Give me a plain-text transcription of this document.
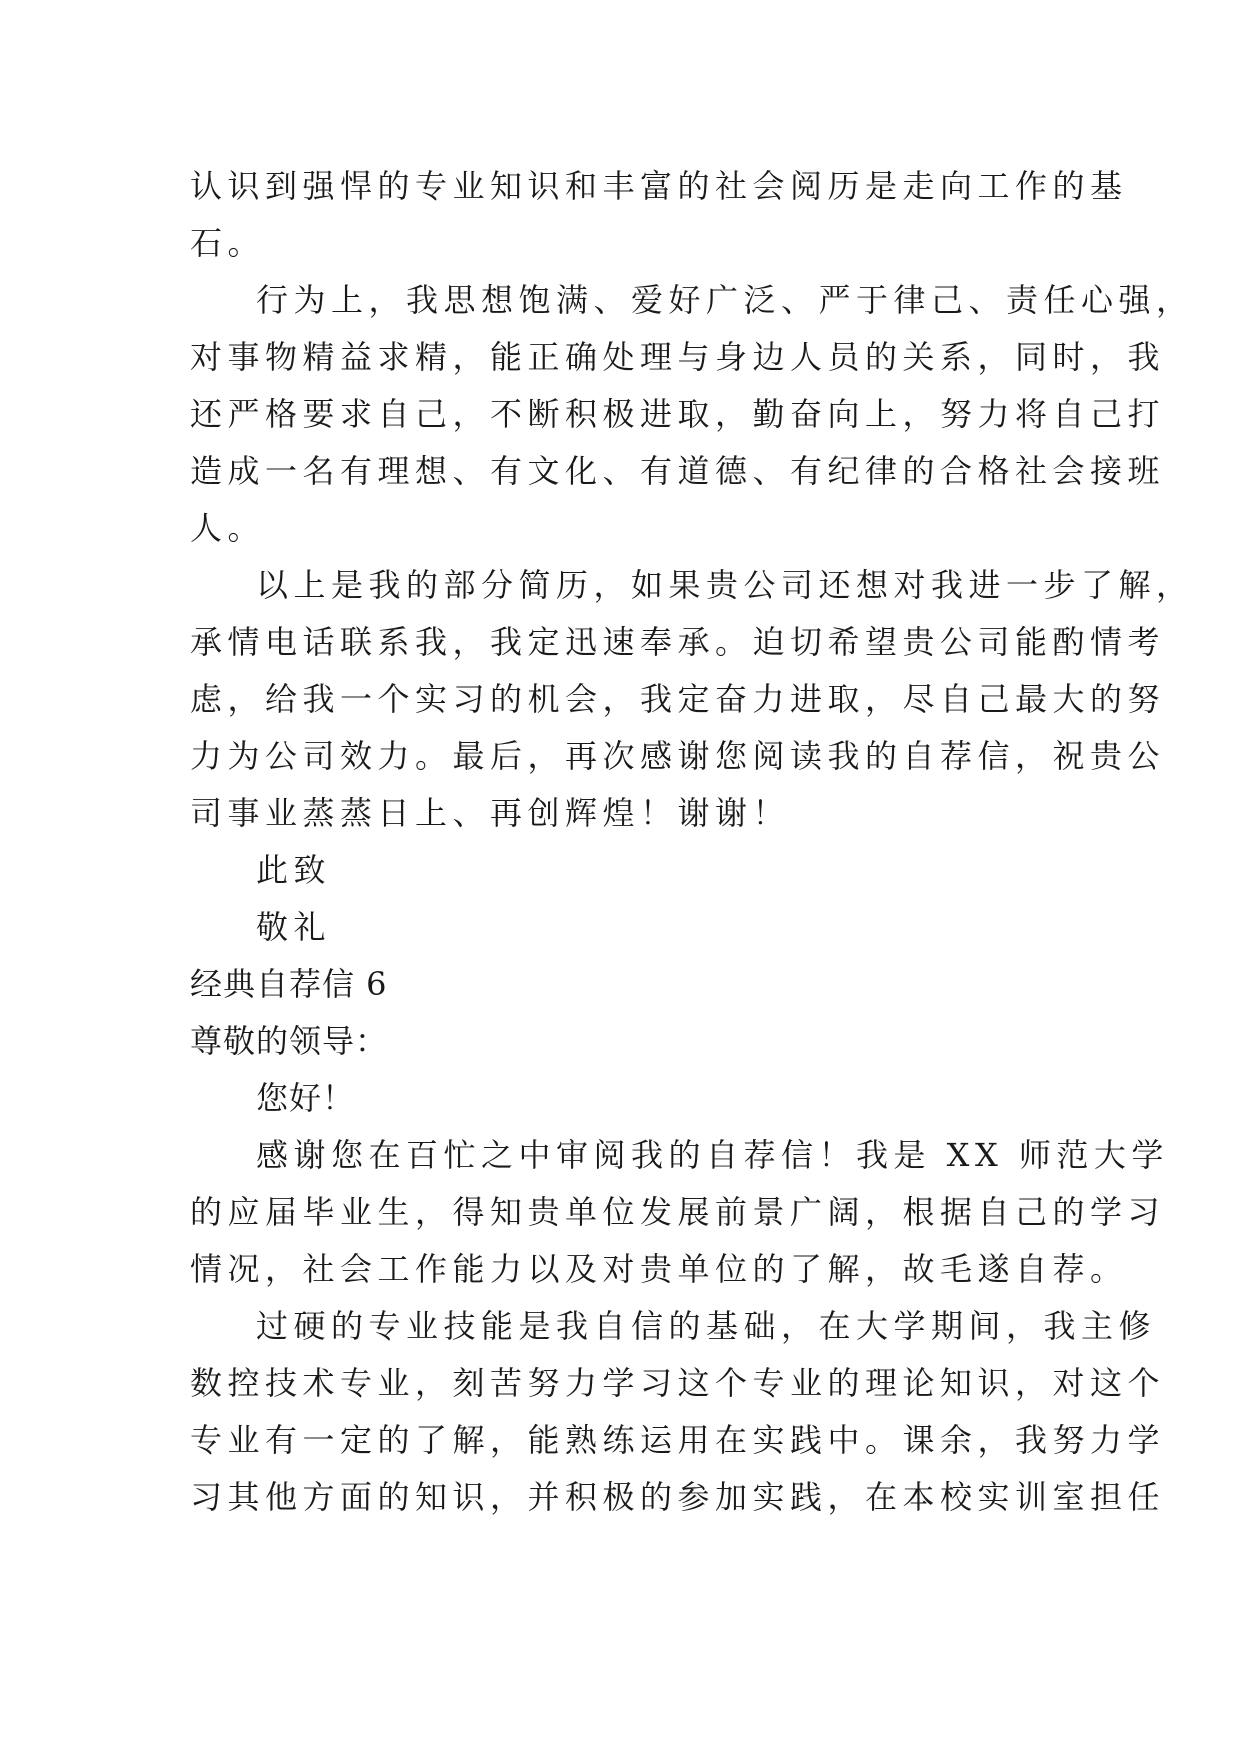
认识到强悍的专业知识和丰富的社会阅历是走向工作的基
石。
行为上，我思想饱满、爱好广泛、严于律己、责任心强，
对事物精益求精，能正确处理与身边人员的关系，同时，我
还严格要求自己，不断积极进取，勤奋向上，努力将自己打
造成一名有理想、有文化、有道德、有纪律的合格社会接班
人。
以上是我的部分简历，如果贵公司还想对我进一步了解，
承情电话联系我，我定迅速奉承。迫切希望贵公司能酌情考
虑，给我一个实习的机会，我定奋力进取，尽自己最大的努
力为公司效力。最后，再次感谢您阅读我的自荐信，祝贵公
司事业蒸蒸日上、再创辉煌！谢谢！
此致
敬礼
经典自荐信 6
尊敬的领导：
您好！
感谢您在百忙之中审阅我的自荐信！我是 XX 师范大学
的应届毕业生，得知贵单位发展前景广阔，根据自己的学习
情况，社会工作能力以及对贵单位的了解，故毛遂自荐。
过硬的专业技能是我自信的基础，在大学期间，我主修
数控技术专业，刻苦努力学习这个专业的理论知识，对这个
专业有一定的了解，能熟练运用在实践中。课余，我努力学
习其他方面的知识，并积极的参加实践，在本校实训室担任
